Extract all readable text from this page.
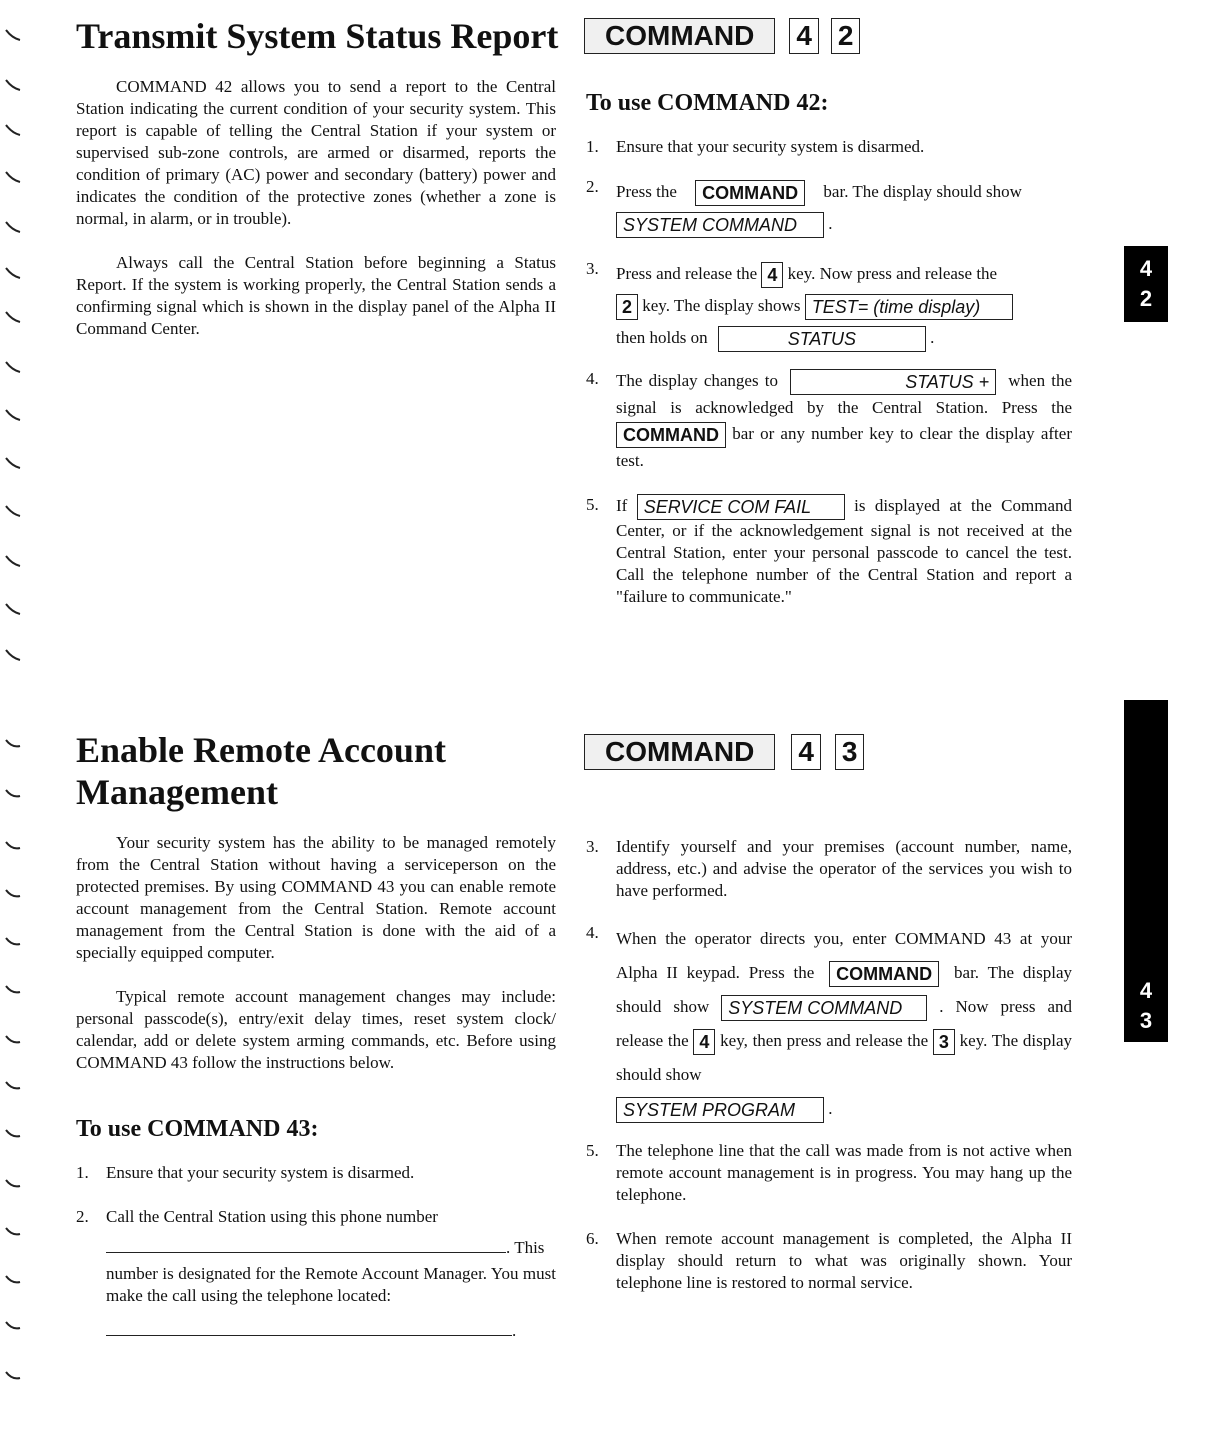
Transmit System Status Report	COMMAND 4 2

COMMAND 42 allows you to send a report to the Central Station indicating the current condition of your security system. This report is capable of telling the Central Station if your system or supervised sub-zone controls, are armed or disarmed, reports the condition of primary (AC) power and secondary (battery) power and indicates the condition of the protective zones (whether a zone is normal, in alarm, or in trouble).

Always call the Central Station before beginning a Status Report. If the system is working properly, the Central Station sends a confirming signal which is shown in the display panel of the Alpha II Command Center.

To use COMMAND 42:
1. Ensure that your security system is disarmed.
2. Press the COMMAND bar. The display should show
SYSTEM COMMAND .
3. Press and release the 4 key. Now press and release the
2 key. The display shows TEST= (time display)
then holds on	STATUS	.
4. The display changes to	STATUS + when the signal is acknowledged by the Central Station. Press the COMMAND bar or any number key to clear the display after test.
5. If SERVICE COM FAIL	is displayed at the Command Center, or if the acknowledgement signal is not received at the Central Station, enter your personal passcode to cancel the test. Call the telephone number of the Central Station and report a "failure to communicate."
4
2
Enable Remote Account
Management
COMMAND 4 3

Your security system has the ability to be managed remotely from the Central Station without having a serviceperson on the protected premises. By using COMMAND 43 you can enable remote account management from the Central Station. Remote account management from the Central Station is done with the aid of a specially equipped computer.

Typical remote account management changes may include: personal passcode(s), entry/exit delay times, reset system clock/ calendar, add or delete system arming commands, etc. Before using COMMAND 43 follow the instructions below.

To use COMMAND 43:
1. Ensure that your security system is disarmed.
2. Call the Central Station using this phone number
. This
number is designated for the Remote Account Manager. You must make the call using the telephone located:
.
3. Identify yourself and your premises (account number, name, address, etc.) and advise the operator of the services you wish to have performed.
4. When the operator directs you, enter COMMAND 43 at your Alpha II keypad. Press the COMMAND bar. The display should show SYSTEM COMMAND . Now press and release the 4 key, then press and release the 3 key. The display should show
SYSTEM PROGRAM .
5. The telephone line that the call was made from is not active when remote account management is in progress. You may hang up the telephone.
6. When remote account management is completed, the Alpha II display should return to what was originally shown. Your telephone line is restored to normal service.
4
3
